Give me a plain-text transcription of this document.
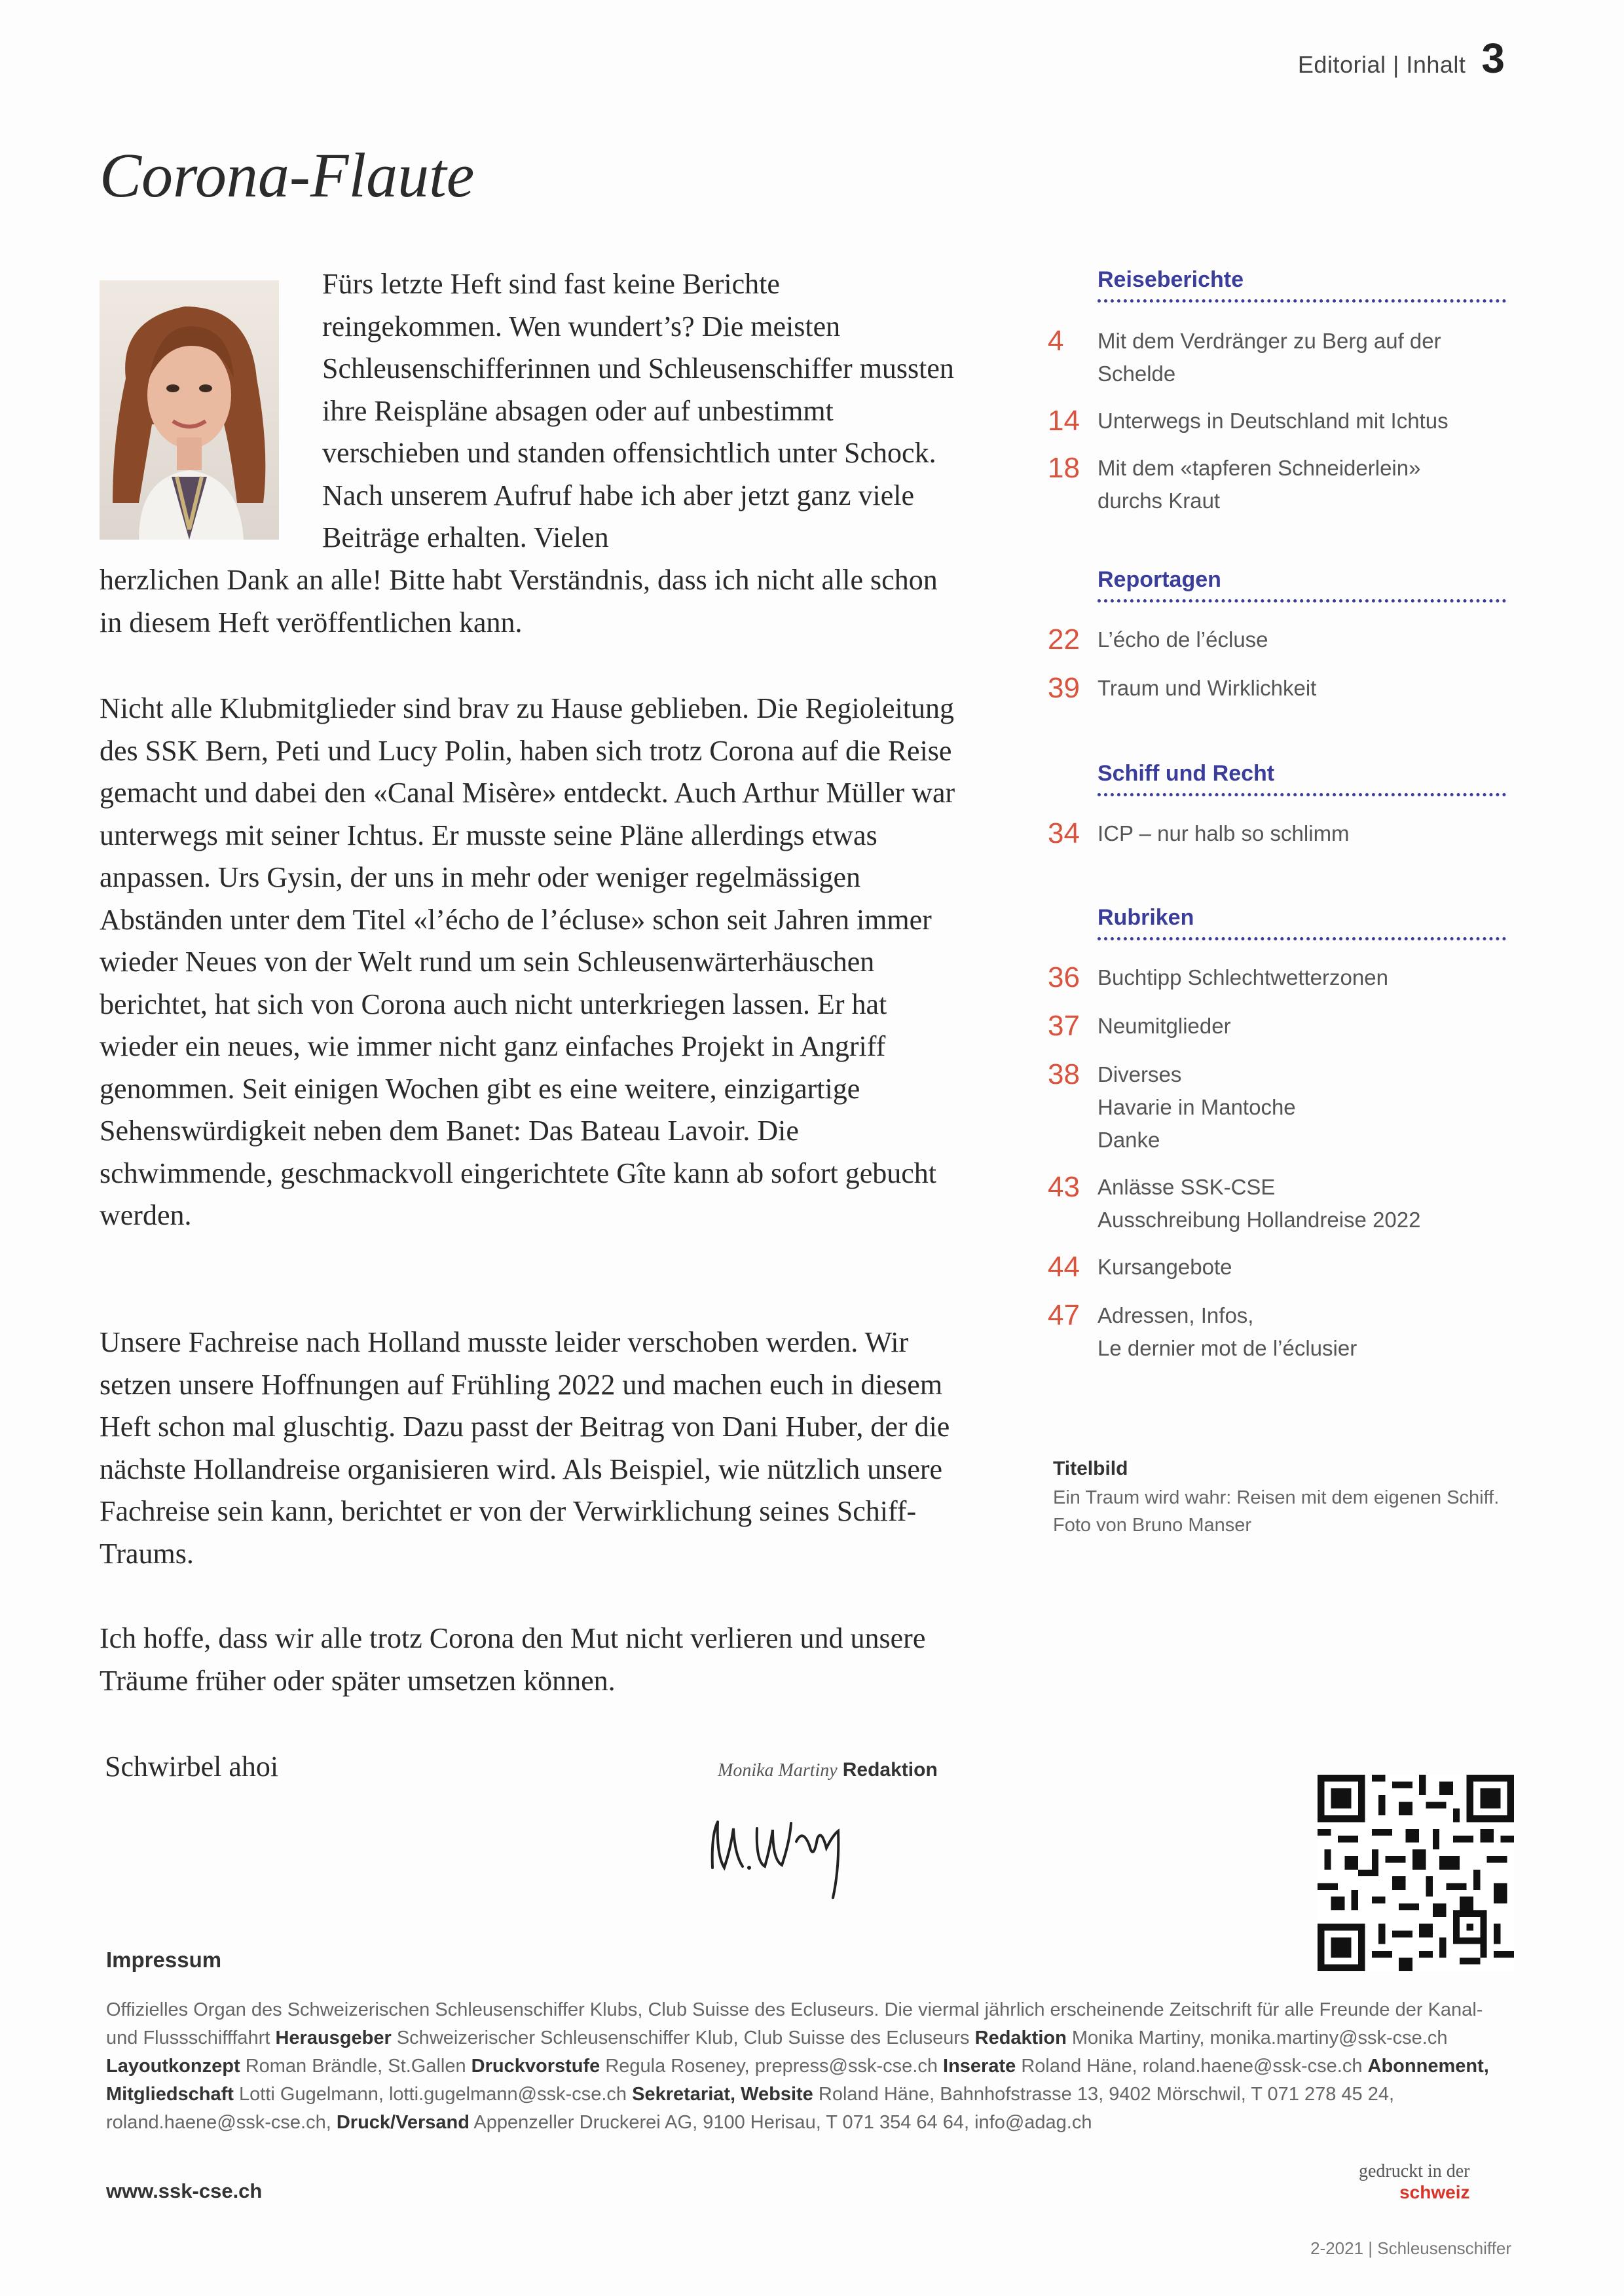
Editorial | Inhalt 3
Corona-Flaute

Fürs letzte Heft sind fast keine Berichte reingekommen. Wen wundert’s? Die meisten Schleusenschifferinnen und Schleusenschiffer mussten ihre Reispläne absagen oder auf unbestimmt verschieben und standen offensichtlich unter Schock. Nach unserem Aufruf habe ich aber jetzt ganz viele Beiträge erhalten. Vielen

herzlichen Dank an alle! Bitte habt Verständnis, dass ich nicht alle schon in diesem Heft veröffentlichen kann.

Nicht alle Klubmitglieder sind brav zu Hause geblieben. Die Regioleitung des SSK Bern, Peti und Lucy Polin, haben sich trotz Corona auf die Reise gemacht und dabei den «Canal Misère» entdeckt. Auch Arthur Müller war unterwegs mit seiner Ichtus. Er musste seine Pläne allerdings etwas anpassen. Urs Gysin, der uns in mehr oder weniger regelmässigen Abständen unter dem Titel «l’écho de l’écluse» schon seit Jahren immer wieder Neues von der Welt rund um sein Schleusenwärterhäuschen berichtet, hat sich von Corona auch nicht unterkriegen lassen. Er hat wieder ein neues, wie immer nicht ganz einfaches Projekt in Angriff genommen. Seit einigen Wochen gibt es eine weitere, einzigartige Sehenswürdigkeit neben dem Banet: Das Bateau Lavoir. Die schwimmende, geschmackvoll eingerichtete Gîte kann ab sofort gebucht werden.

Unsere Fachreise nach Holland musste leider verschoben werden. Wir setzen unsere Hoffnungen auf Frühling 2022 und machen euch in diesem Heft schon mal gluschtig. Dazu passt der Beitrag von Dani Huber, der die nächste Hollandreise organisieren wird. Als Beispiel, wie nützlich unsere Fachreise sein kann, berichtet er von der Verwirklichung seines Schiff-Traums.

Ich hoffe, dass wir alle trotz Corona den Mut nicht verlieren und unsere Träume früher oder später umsetzen können.

Schwirbel ahoi	Monika Martiny Redaktion
Reiseberichte
4	Mit dem Verdränger zu Berg auf der Schelde
14 Unterwegs in Deutschland mit Ichtus
18 Mit dem «tapferen Schneiderlein» durchs Kraut
Reportagen
22 L’écho de l’écluse
39 Traum und Wirklichkeit
Schiff und Recht
34 ICP – nur halb so schlimm
Rubriken
36 Buchtipp Schlechtwetterzonen
37 Neumitglieder
38 Diverses
Havarie in Mantoche
Danke
43 Anlässe SSK-CSE
Ausschreibung Hollandreise 2022
44 Kursangebote
47 Adressen, Infos,
Le dernier mot de l’éclusier
Titelbild
Ein Traum wird wahr: Reisen mit dem eigenen Schiff. Foto von Bruno Manser
Impressum
Offizielles Organ des Schweizerischen Schleusenschiffer Klubs, Club Suisse des Ecluseurs. Die viermal jährlich erscheinende Zeitschrift für alle Freunde der Kanal- und Flussschifffahrt Herausgeber Schweizerischer Schleusenschiffer Klub, Club Suisse des Ecluseurs Redaktion Monika Martiny, monika.martiny@ssk-cse.ch Layoutkonzept Roman Brändle, St.Gallen Druckvorstufe Regula Roseney, prepress@ssk-cse.ch Inserate Roland Häne, roland.haene@ssk-cse.ch Abonnement, Mitgliedschaft Lotti Gugelmann, lotti.gugelmann@ssk-cse.ch Sekretariat, Website Roland Häne, Bahnhofstrasse 13, 9402 Mörschwil, T 071 278 45 24, roland.haene@ssk-cse.ch, Druck/Versand Appenzeller Druckerei AG, 9100 Herisau, T 071 354 64 64, info@adag.ch
www.ssk-cse.ch
gedruckt in der
schweiz
2-2021 | Schleusenschiffer
